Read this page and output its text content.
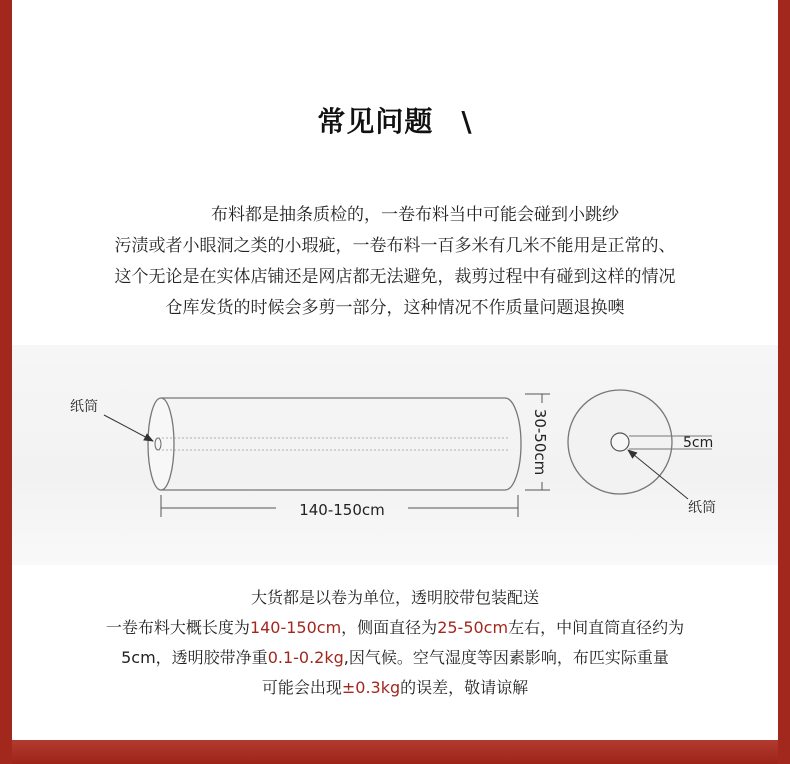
常见问题 \
布料都是抽条质检的，一卷布料当中可能会碰到小跳纱
污渍或者小眼洞之类的小瑕疵，一卷布料一百多米有几米不能用是正常的、
这个无论是在实体店铺还是网店都无法避免，裁剪过程中有碰到这样的情况
仓库发货的时候会多剪一部分，这种情况不作质量问题退换噢
纸筒
140-150cm
30-50cm	5cm
纸筒
大货都是以卷为单位，透明胶带包装配送
一卷布料大概长度为140-150cm，侧面直径为25-50cm左右，中间直筒直径约为
5cm，透明胶带净重0.1-0.2kg,因气候。空气湿度等因素影响，布匹实际重量
可能会出现±0.3kg的误差，敬请谅解
